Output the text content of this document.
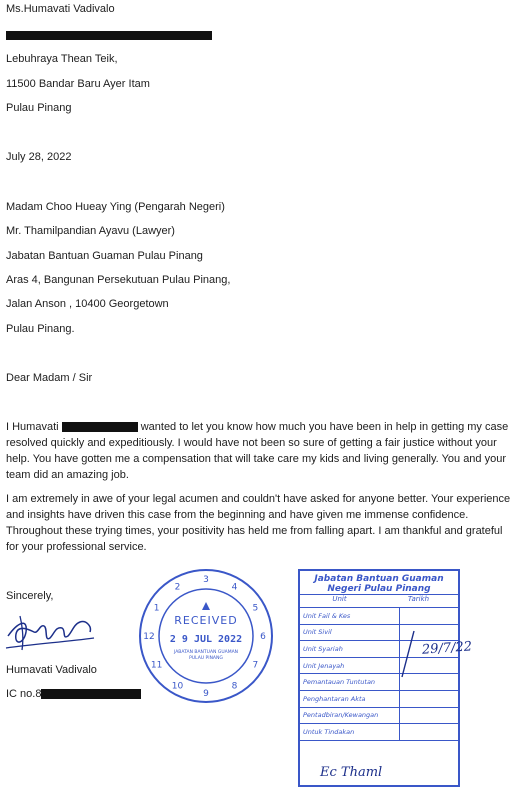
Ms.Humavati Vadivalo
Lebuhraya Thean Teik,
11500 Bandar Baru Ayer Itam
Pulau Pinang
July 28, 2022
Madam Choo Hueay Ying (Pengarah Negeri)
Mr. Thamilpandian Ayavu (Lawyer)
Jabatan Bantuan Guaman Pulau Pinang
Aras 4, Bangunan Persekutuan Pulau Pinang,
Jalan Anson , 10400 Georgetown
Pulau Pinang.
Dear Madam / Sir
I Humavati	wanted to let you know how much you have been in help in getting my case resolved quickly and expeditiously. I would have not been so sure of getting a fair justice without your help. You have gotten me a compensation that will take care my kids and living generally. You and your team did an amazing job.
I am extremely in awe of your legal acumen and couldn't have asked for anyone better. Your experience and insights have driven this case from the beginning and have given me immense confidence. Throughout these trying times, your positivity has held me from falling apart. I am thankful and grateful for your professional service.
Sincerely,
Humavati Vadivalo
IC no.8
1
2
3
4
5
6
7
8
9
10
11
12
RECEIVED
2 9 JUL 2022
JABATAN BANTUAN GUAMAN
PULAU PINANG
Jabatan Bantuan Guaman
Negeri Pulau Pinang
Unit	Tarikh
Unit Fail & Kes
Unit Sivil
Unit Syariah
Unit Jenayah
Pemantauan Tuntutan
Penghantaran Akta
Pentadbiran/Kewangan
Untuk Tindakan
29/7/22
Ec Thaml
